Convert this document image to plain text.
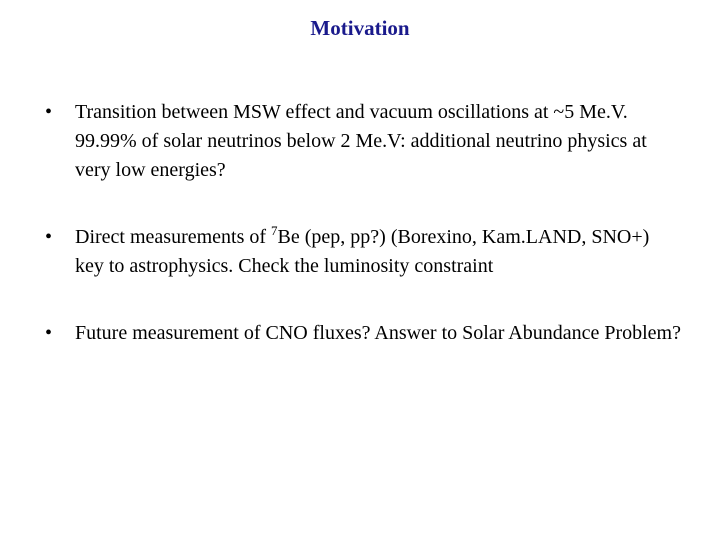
Motivation
• Transition between MSW effect and vacuum oscillations at ~5 Me.V. 99.99% of solar neutrinos below 2 Me.V: additional neutrino physics at very low energies?
• Direct measurements of $^7$Be (pep, pp?) (Borexino, Kam.LAND, SNO+) key to astrophysics. Check the luminosity constraint
• Future measurement of CNO fluxes? Answer to Solar Abundance Problem?
